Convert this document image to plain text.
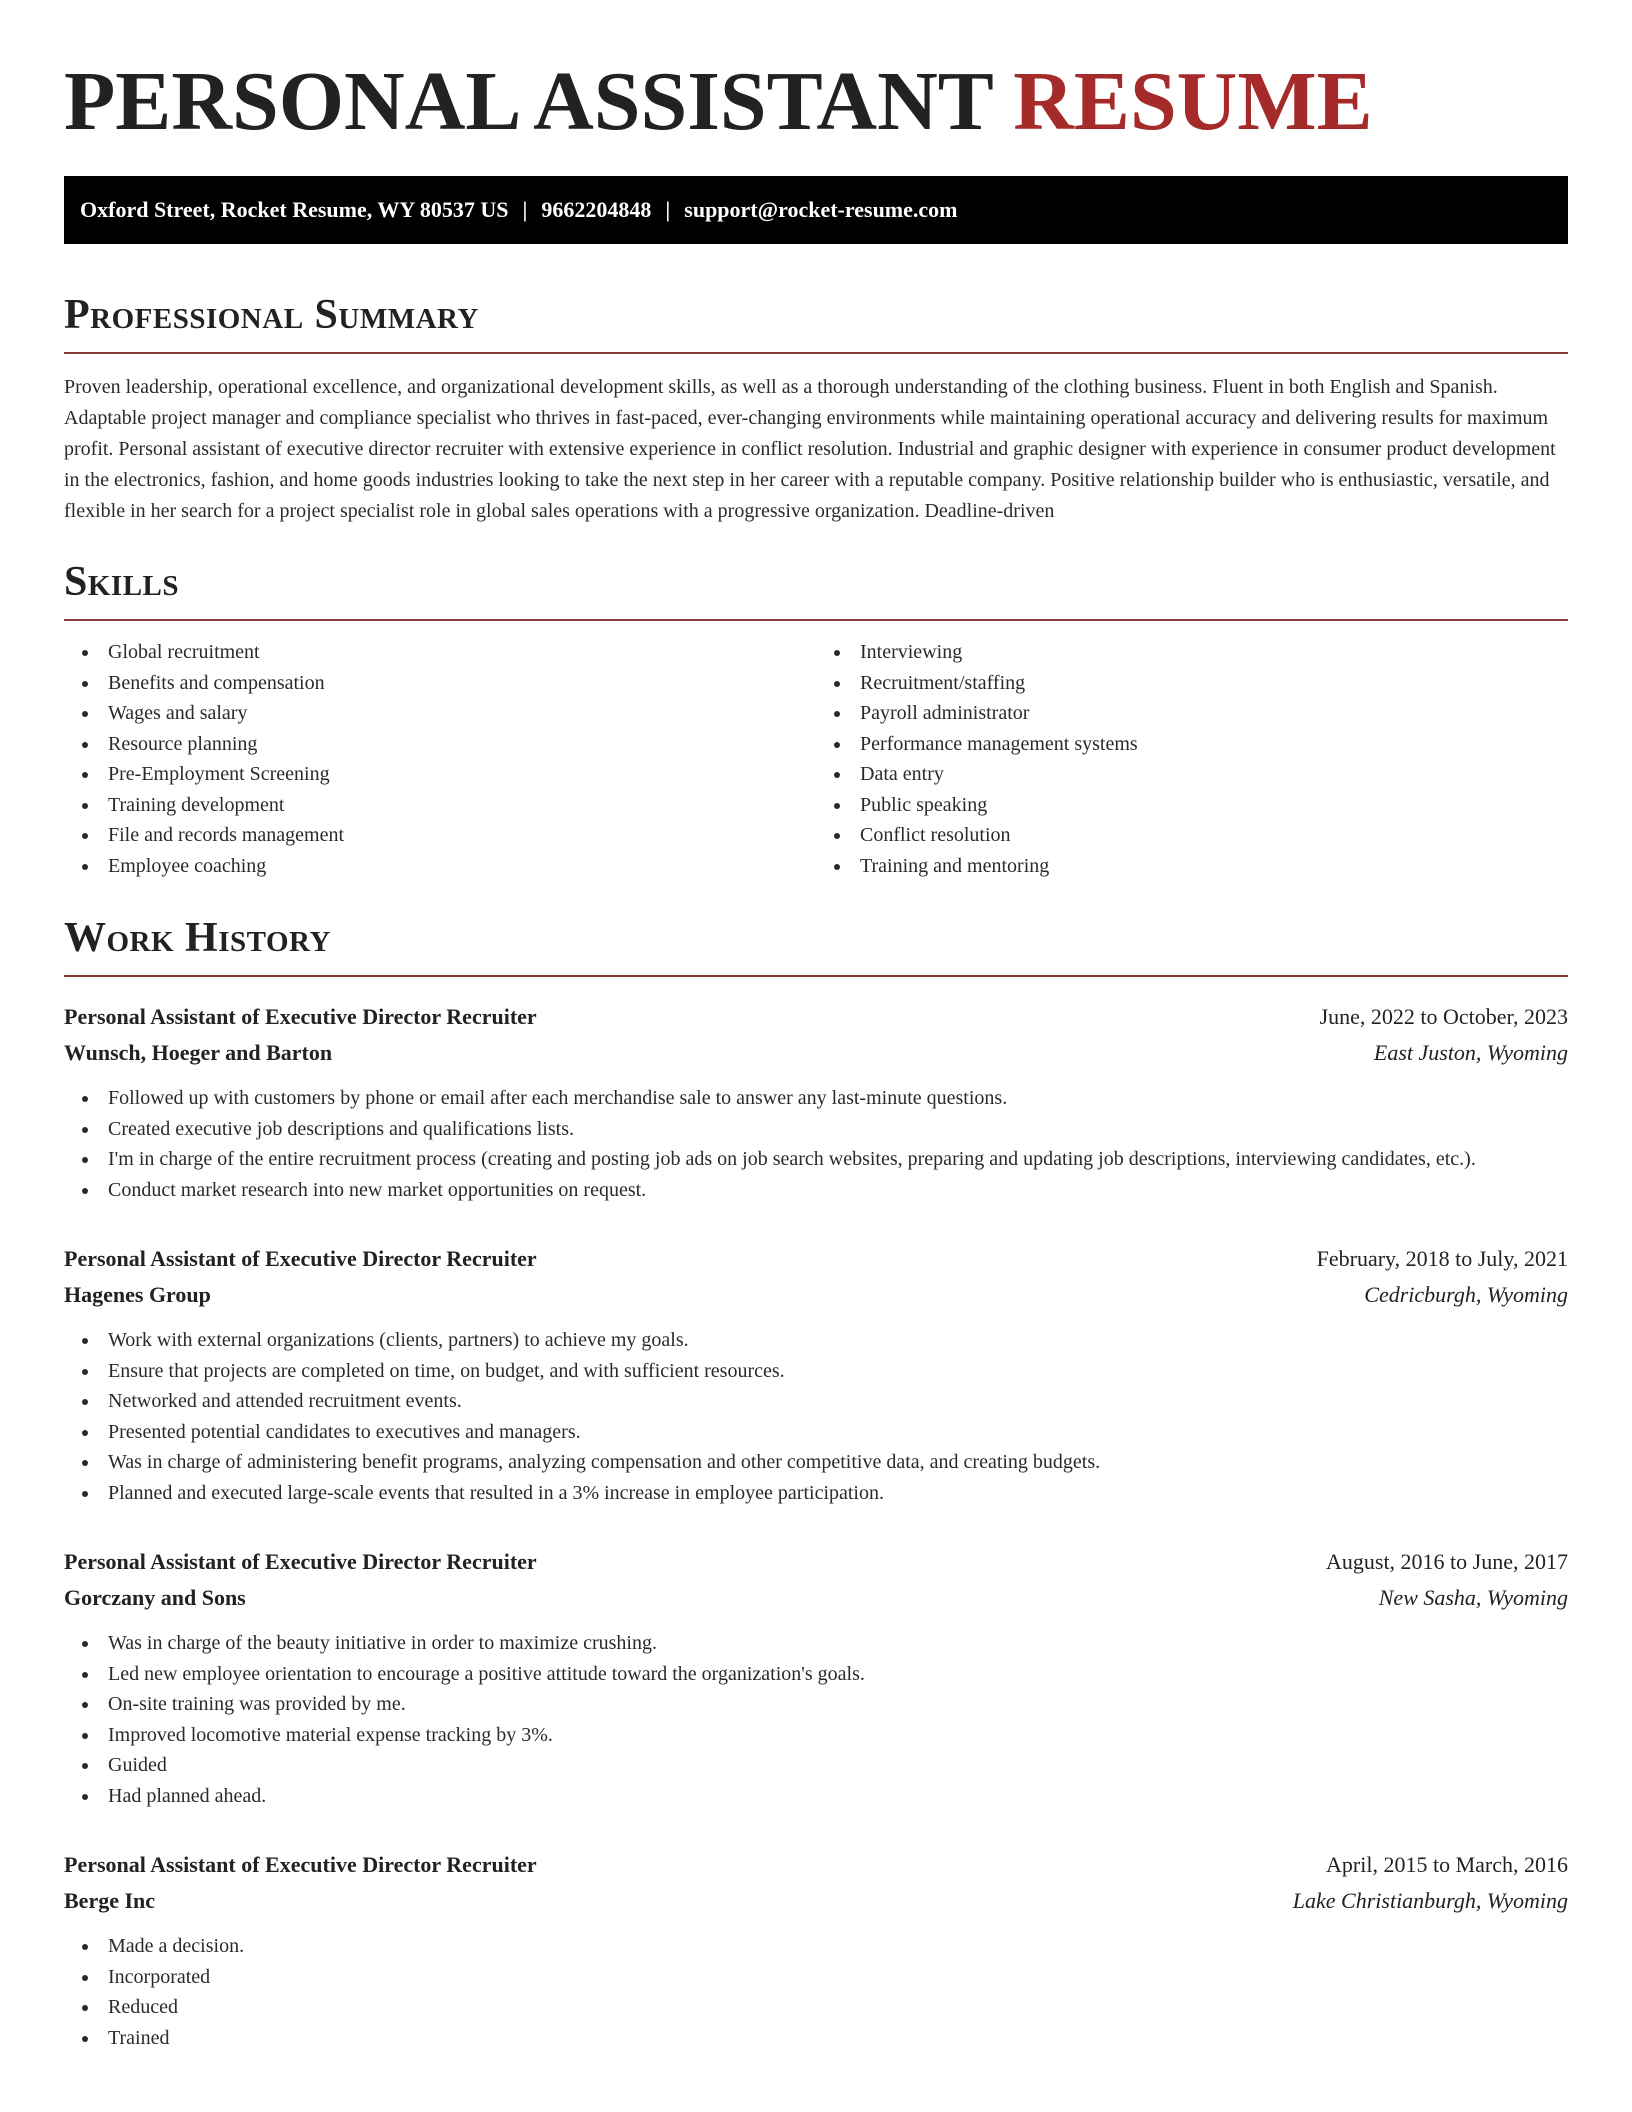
PERSONAL ASSISTANT RESUME
Oxford Street, Rocket Resume, WY 80537 US | 9662204848 | support@rocket-resume.com
Professional Summary

Proven leadership, operational excellence, and organizational development skills, as well as a thorough understanding of the clothing business. Fluent in both English and Spanish. Adaptable project manager and compliance specialist who thrives in fast-paced, ever-changing environments while maintaining operational accuracy and delivering results for maximum profit. Personal assistant of executive director recruiter with extensive experience in conflict resolution. Industrial and graphic designer with experience in consumer product development in the electronics, fashion, and home goods industries looking to take the next step in her career with a reputable company. Positive relationship builder who is enthusiastic, versatile, and flexible in her search for a project specialist role in global sales operations with a progressive organization. Deadline-driven

Skills
Global recruitment
Benefits and compensation
Wages and salary
Resource planning
Pre-Employment Screening
Training development
File and records management
Employee coaching
Interviewing
Recruitment/staffing
Payroll administrator
Performance management systems
Data entry
Public speaking
Conflict resolution
Training and mentoring
Work History
Personal Assistant of Executive Director Recruiter	June, 2022 to October, 2023
Wunsch, Hoeger and Barton	East Juston, Wyoming
Followed up with customers by phone or email after each merchandise sale to answer any last-minute questions.
Created executive job descriptions and qualifications lists.
I'm in charge of the entire recruitment process (creating and posting job ads on job search websites, preparing and updating job descriptions, interviewing candidates, etc.).
Conduct market research into new market opportunities on request.
Personal Assistant of Executive Director Recruiter	February, 2018 to July, 2021
Hagenes Group	Cedricburgh, Wyoming
Work with external organizations (clients, partners) to achieve my goals.
Ensure that projects are completed on time, on budget, and with sufficient resources.
Networked and attended recruitment events.
Presented potential candidates to executives and managers.
Was in charge of administering benefit programs, analyzing compensation and other competitive data, and creating budgets.
Planned and executed large-scale events that resulted in a 3% increase in employee participation.
Personal Assistant of Executive Director Recruiter	August, 2016 to June, 2017
Gorczany and Sons	New Sasha, Wyoming
Was in charge of the beauty initiative in order to maximize crushing.
Led new employee orientation to encourage a positive attitude toward the organization's goals.
On-site training was provided by me.
Improved locomotive material expense tracking by 3%.
Guided
Had planned ahead.
Personal Assistant of Executive Director Recruiter	April, 2015 to March, 2016
Berge Inc	Lake Christianburgh, Wyoming
Made a decision.
Incorporated
Reduced
Trained
